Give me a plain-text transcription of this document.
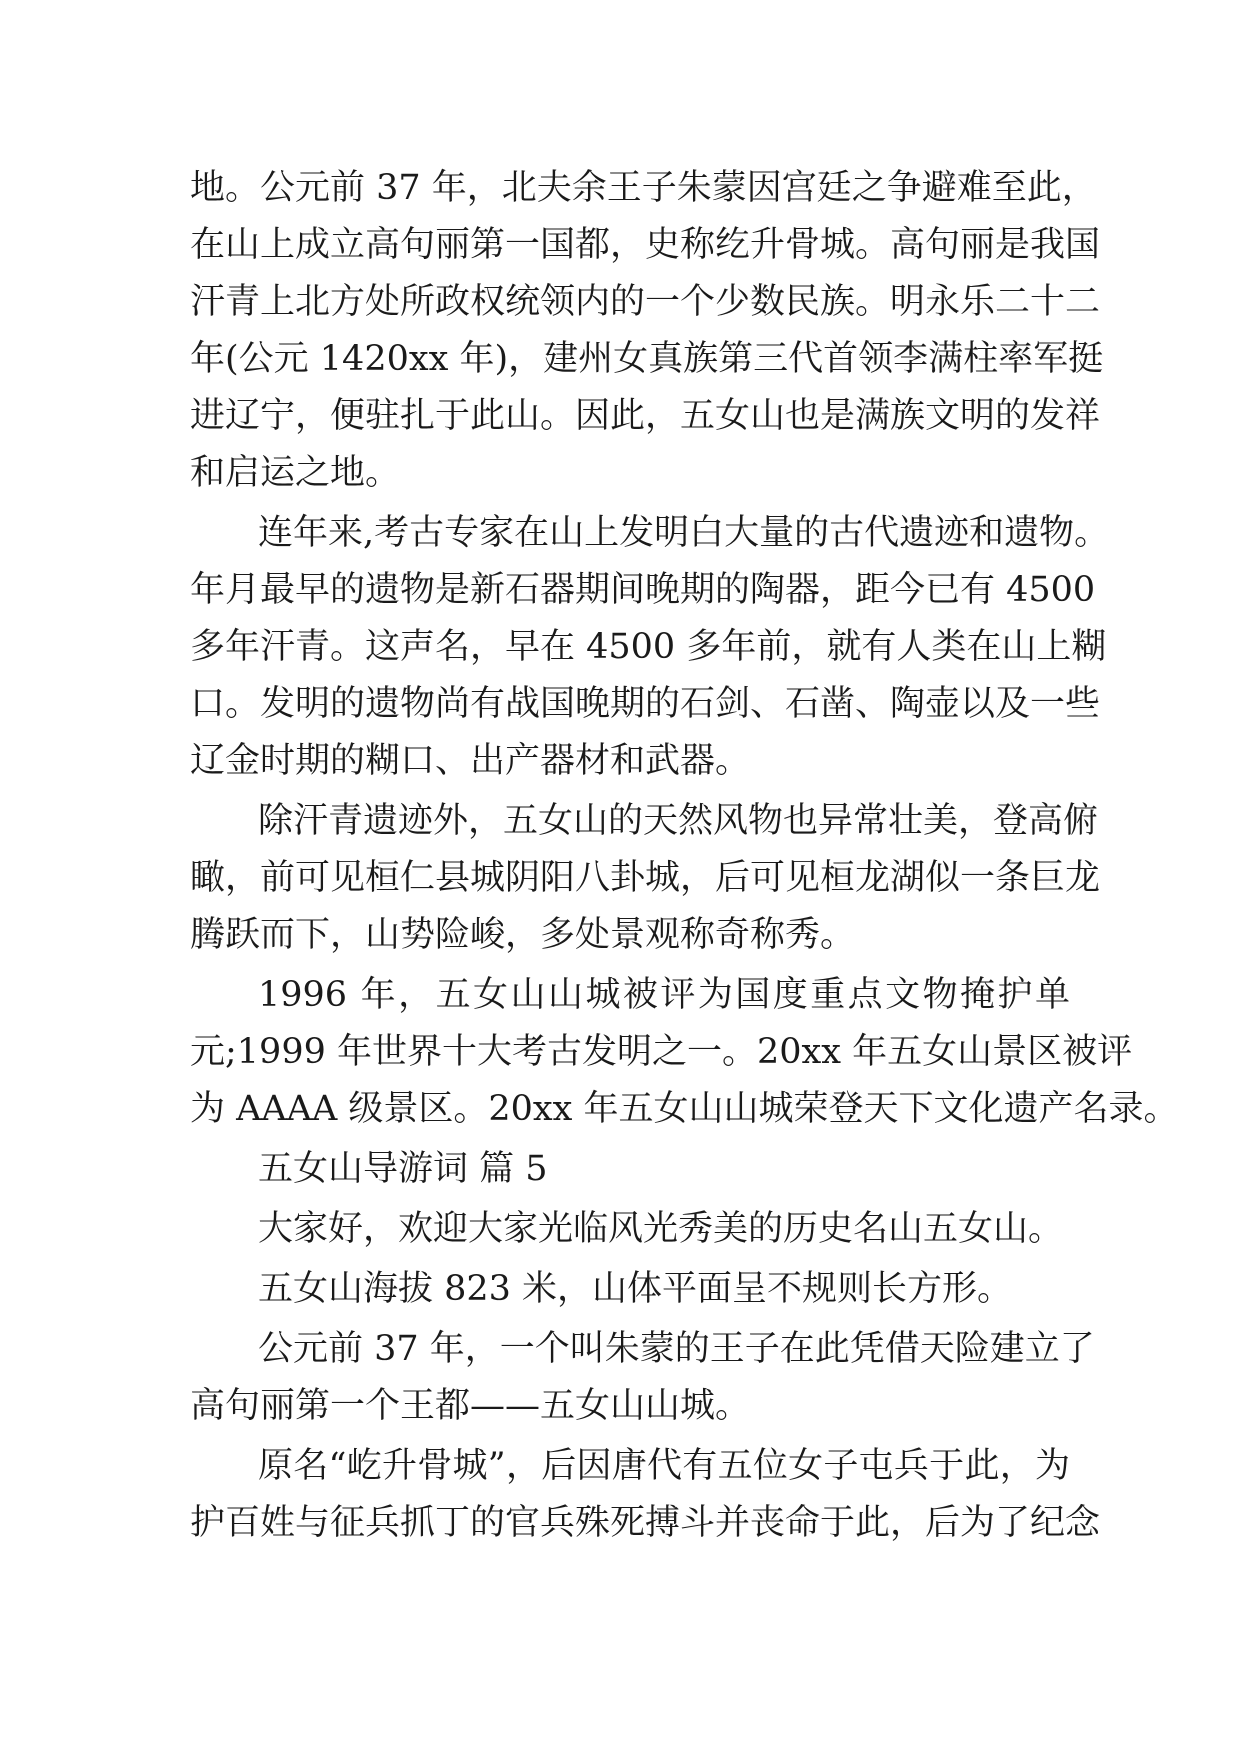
地。公元前 37 年，北夫余王子朱蒙因宫廷之争避难至此，
在山上成立高句丽第一国都，史称纥升骨城。高句丽是我国
汗青上北方处所政权统领内的一个少数民族。明永乐二十二
年(公元 1420xx 年)，建州女真族第三代首领李满柱率军挺
进辽宁，便驻扎于此山。因此，五女山也是满族文明的发祥
和启运之地。
连年来,考古专家在山上发明白大量的古代遗迹和遗物。
年月最早的遗物是新石器期间晚期的陶器，距今已有 4500
多年汗青。这声名，早在 4500 多年前，就有人类在山上糊
口。发明的遗物尚有战国晚期的石剑、石凿、陶壶以及一些
辽金时期的糊口、出产器材和武器。
除汗青遗迹外，五女山的天然风物也异常壮美，登高俯
瞰，前可见桓仁县城阴阳八卦城，后可见桓龙湖似一条巨龙
腾跃而下，山势险峻，多处景观称奇称秀。
1996 年，五女山山城被评为国度重点文物掩护单
元;1999 年世界十大考古发明之一。20xx 年五女山景区被评
为 AAAA 级景区。20xx 年五女山山城荣登天下文化遗产名录。
五女山导游词 篇 5
大家好，欢迎大家光临风光秀美的历史名山五女山。
五女山海拔 823 米，山体平面呈不规则长方形。
公元前 37 年，一个叫朱蒙的王子在此凭借天险建立了
高句丽第一个王都——五女山山城。
原名“屹升骨城”，后因唐代有五位女子屯兵于此，为
护百姓与征兵抓丁的官兵殊死搏斗并丧命于此，后为了纪念
